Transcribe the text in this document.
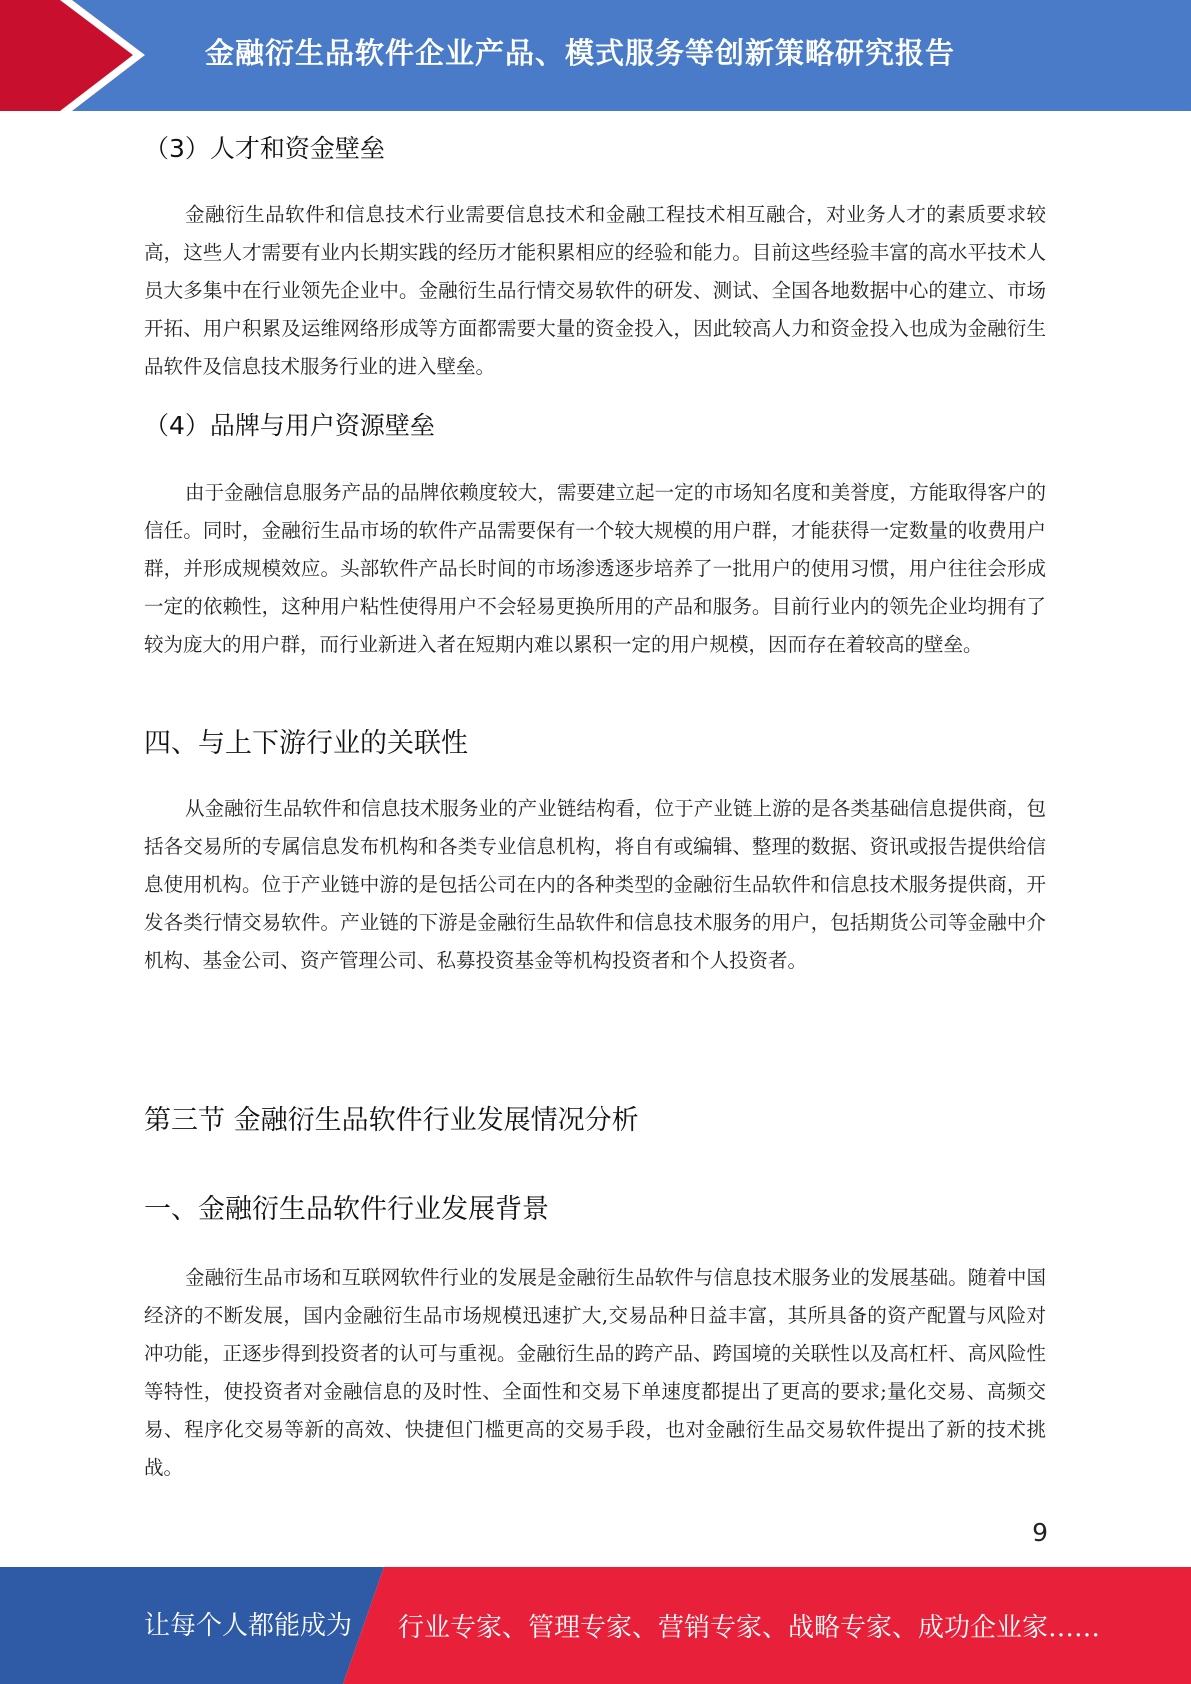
金融衍生品软件企业产品、模式服务等创新策略研究报告
（3）人才和资金壁垒

金融衍生品软件和信息技术行业需要信息技术和金融工程技术相互融合，对业务人才的素质要求较高，这些人才需要有业内长期实践的经历才能积累相应的经验和能力。目前这些经验丰富的高水平技术人员大多集中在行业领先企业中。金融衍生品行情交易软件的研发、测试、全国各地数据中心的建立、市场开拓、用户积累及运维网络形成等方面都需要大量的资金投入，因此较高人力和资金投入也成为金融衍生品软件及信息技术服务行业的进入壁垒。

（4）品牌与用户资源壁垒

由于金融信息服务产品的品牌依赖度较大，需要建立起一定的市场知名度和美誉度，方能取得客户的信任。同时，金融衍生品市场的软件产品需要保有一个较大规模的用户群，才能获得一定数量的收费用户群，并形成规模效应。头部软件产品长时间的市场渗透逐步培养了一批用户的使用习惯，用户往往会形成一定的依赖性，这种用户粘性使得用户不会轻易更换所用的产品和服务。目前行业内的领先企业均拥有了较为庞大的用户群，而行业新进入者在短期内难以累积一定的用户规模，因而存在着较高的壁垒。

四、与上下游行业的关联性

从金融衍生品软件和信息技术服务业的产业链结构看，位于产业链上游的是各类基础信息提供商，包括各交易所的专属信息发布机构和各类专业信息机构，将自有或编辑、整理的数据、资讯或报告提供给信息使用机构。位于产业链中游的是包括公司在内的各种类型的金融衍生品软件和信息技术服务提供商，开发各类行情交易软件。产业链的下游是金融衍生品软件和信息技术服务的用户，包括期货公司等金融中介机构、基金公司、资产管理公司、私募投资基金等机构投资者和个人投资者。

第三节 金融衍生品软件行业发展情况分析
一、金融衍生品软件行业发展背景

金融衍生品市场和互联网软件行业的发展是金融衍生品软件与信息技术服务业的发展基础。随着中国经济的不断发展，国内金融衍生品市场规模迅速扩大,交易品种日益丰富，其所具备的资产配置与风险对冲功能，正逐步得到投资者的认可与重视。金融衍生品的跨产品、跨国境的关联性以及高杠杆、高风险性等特性，使投资者对金融信息的及时性、全面性和交易下单速度都提出了更高的要求;量化交易、高频交易、程序化交易等新的高效、快捷但门槛更高的交易手段，也对金融衍生品交易软件提出了新的技术挑战。

9
让每个人都能成为 行业专家、管理专家、营销专家、战略专家、成功企业家……
